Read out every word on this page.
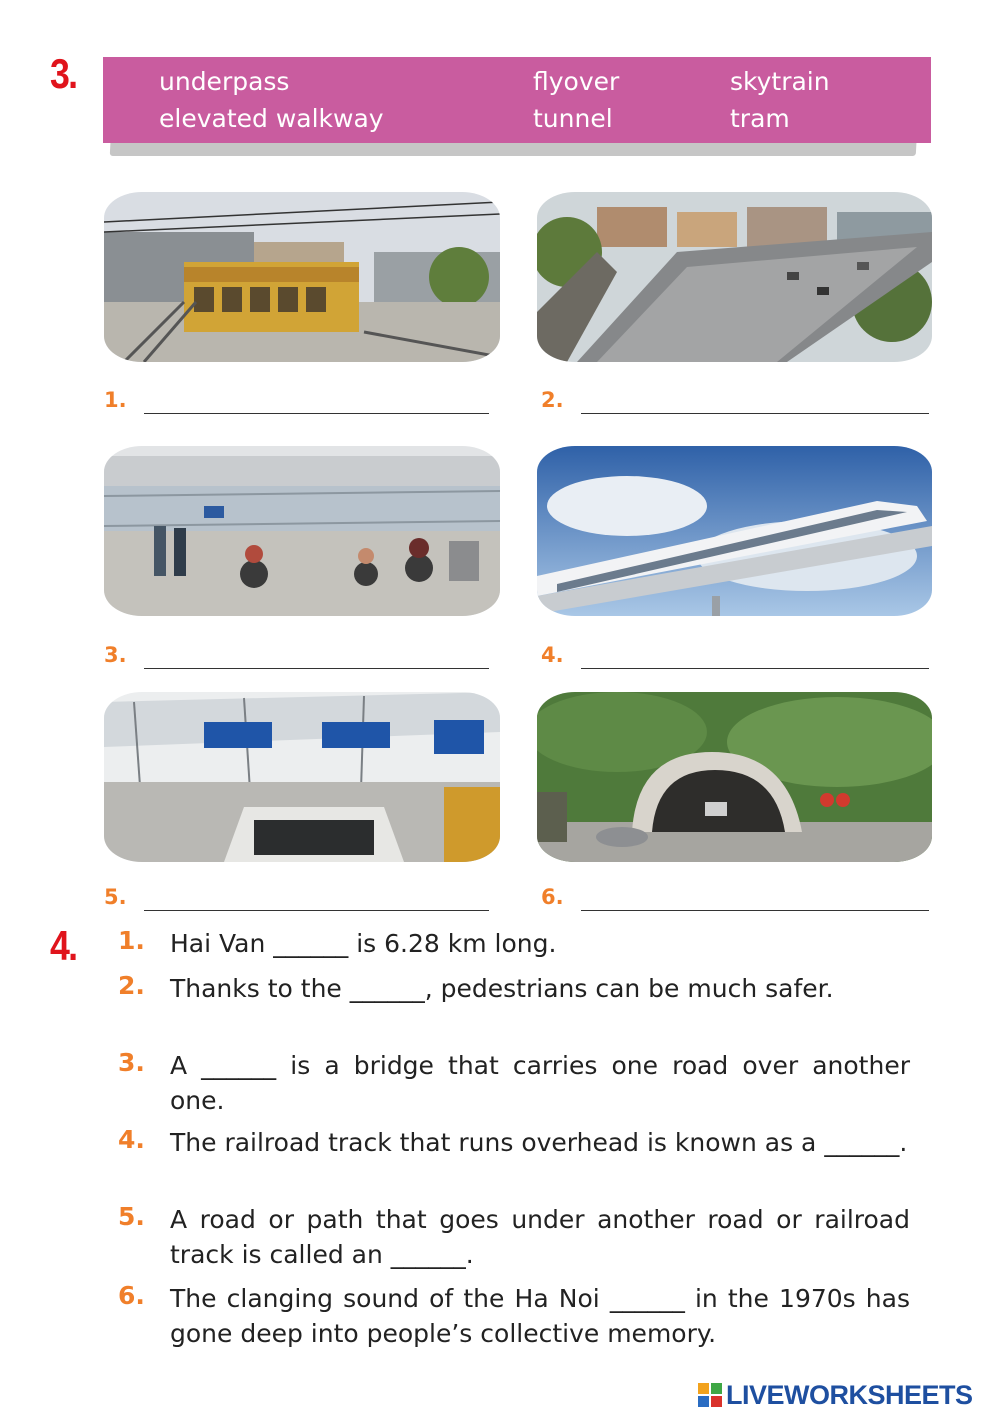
3.	underpass	flyover	skytrain
elevated walkway	tunnel	tram
1.	2.
3.	4.
5.	6.
4. 1. Hai Van ______ is 6.28 km long.
2. Thanks to the ______, pedestrians can be much safer.
3. A ______ is a bridge that carries one road over another one.
4. The railroad track that runs overhead is known as a ______.
5. A road or path that goes under another road or railroad track is called an ______.
6. The clanging sound of the Ha Noi ______ in the 1970s has gone deep into people’s collective memory.
LIVEWORKSHEETS
